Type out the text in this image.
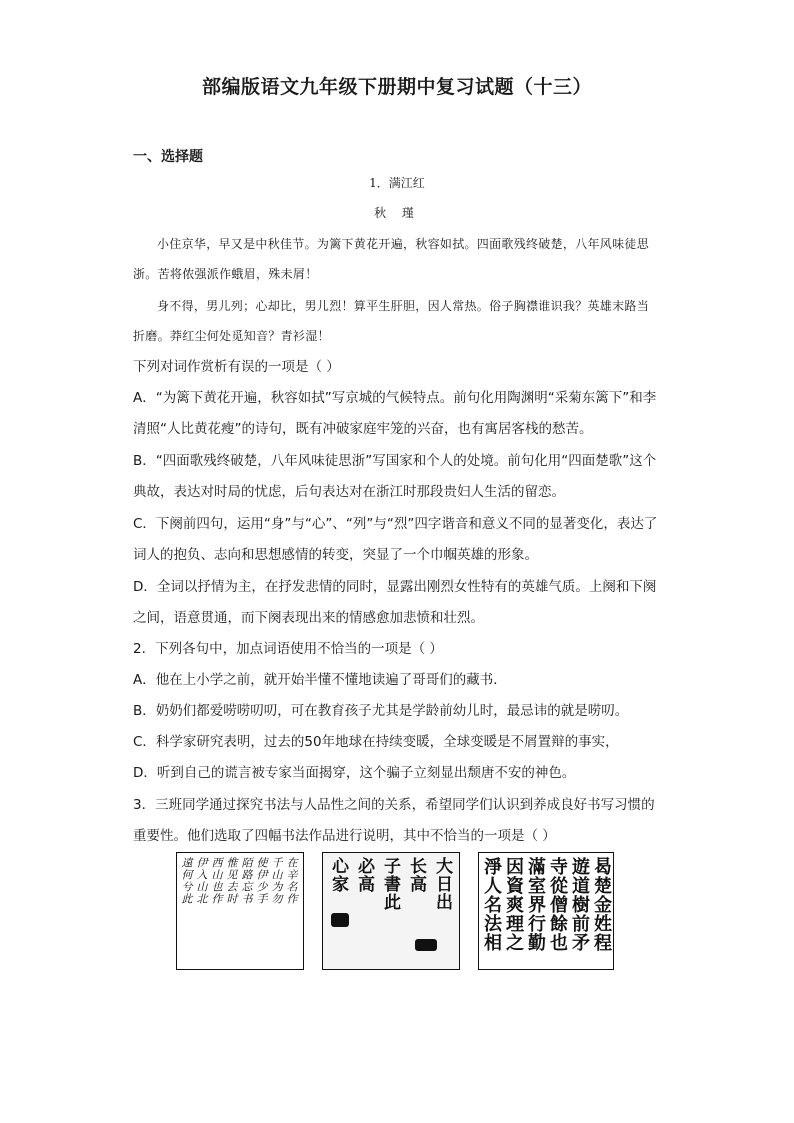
部编版语文九年级下册期中复习试题（十三）
一、选择题
1．满江红
秋 瑾
小住京华，早又是中秋佳节。为篱下黄花开遍，秋容如拭。四面歌残终破楚，八年风味徒思浙。苦将侬强派作蛾眉，殊未屑！
身不得，男儿列；心却比，男儿烈！算平生肝胆，因人常热。俗子胸襟谁识我？英雄末路当折磨。莽红尘何处觅知音？青衫湿！
下列对词作赏析有误的一项是（ ）
A．“为篱下黄花开遍，秋容如拭”写京城的气候特点。前句化用陶渊明“采菊东篱下”和李清照“人比黄花瘦”的诗句，既有冲破家庭牢笼的兴奋，也有寓居客栈的愁苦。
B．“四面歌残终破楚，八年风味徒思浙”写国家和个人的处境。前句化用“四面楚歌”这个典故，表达对时局的忧虑，后句表达对在浙江时那段贵妇人生活的留恋。
C．下阕前四句，运用“身”与“心”、“列”与“烈”四字谐音和意义不同的显著变化，表达了词人的抱负、志向和思想感情的转变，突显了一个巾帼英雄的形象。
D．全词以抒情为主，在抒发悲情的同时，显露出刚烈女性特有的英雄气质。上阕和下阕之间，语意贯通，而下阕表现出来的情感愈加悲愤和壮烈。
2．下列各句中，加点词语使用不恰当的一项是（ ）
A．他在上小学之前，就开始半懂不懂地读遍了哥哥们的藏书．
B．奶奶们都爱唠唠叨叨，可在教育孩子尤其是学龄前幼儿时，最忌讳的就是唠叨。
C．科学家研究表明，过去的50年地球在持续变暖，全球变暖是不屑置辩的事实，
D．听到自己的谎言被专家当面揭穿，这个骗子立刻显出颓唐不安的神色。
3．三班同学通过探究书法与人品性之间的关系，希望同学们认识到养成良好书写习惯的重要性。他们选取了四幅书法作品进行说明，其中不恰当的一项是（ ）
在辛名作
千山为勿
使伊少手
陌路忘书
惟见去时
西山也作
伊入山北
遠何兮此	大日出
长高
子書此
必高
心家	淨人名法相 因資爽理之 滿室界行勤 寺從僧餘也 遊道樹前矛 曷楚金姓程
